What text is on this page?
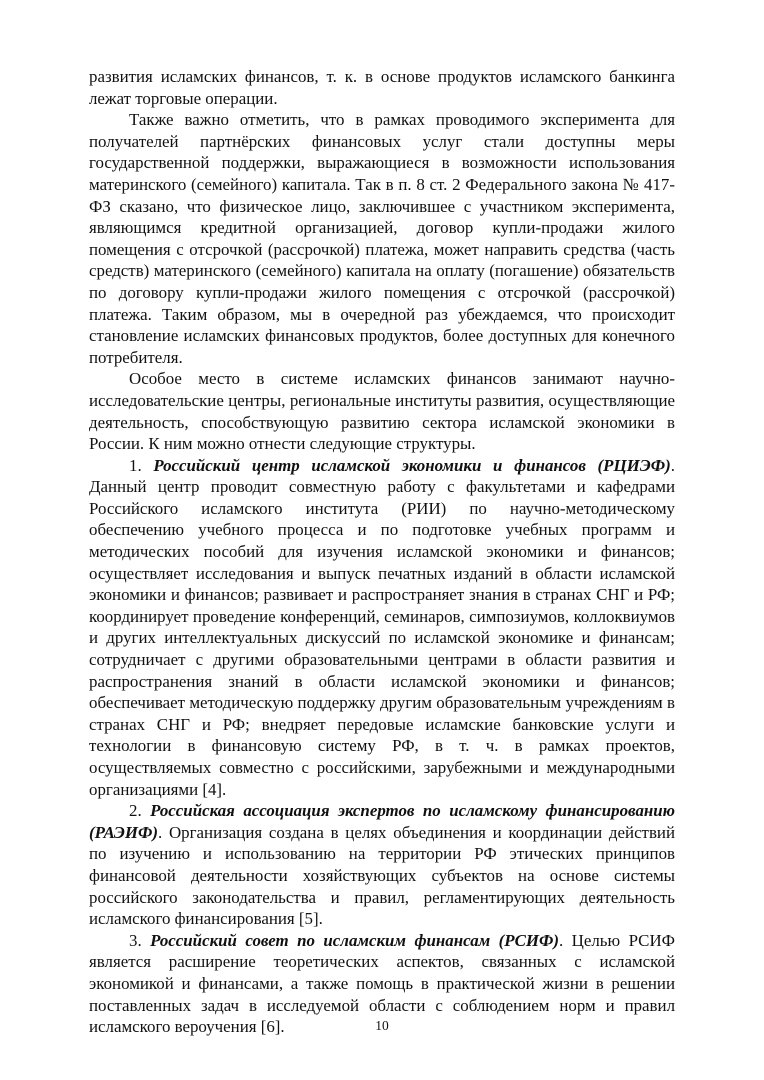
развития исламских финансов, т. к. в основе продуктов исламского банкинга лежат торговые операции.

Также важно отметить, что в рамках проводимого эксперимента для получателей партнёрских финансовых услуг стали доступны меры государственной поддержки, выражающиеся в возможности использования материнского (семейного) капитала. Так в п. 8 ст. 2 Федерального закона № 417-ФЗ сказано, что физическое лицо, заключившее с участником эксперимента, являющимся кредитной организацией, договор купли-продажи жилого помещения с отсрочкой (рассрочкой) платежа, может направить средства (часть средств) материнского (семейного) капитала на оплату (погашение) обязательств по договору купли-продажи жилого помещения с отсрочкой (рассрочкой) платежа. Таким образом, мы в очередной раз убеждаемся, что происходит становление исламских финансовых продуктов, более доступных для конечного потребителя.

Особое место в системе исламских финансов занимают научно-исследовательские центры, региональные институты развития, осуществляющие деятельность, способствующую развитию сектора исламской экономики в России. К ним можно отнести следующие структуры.

1. Российский центр исламской экономики и финансов (РЦИЭФ). Данный центр проводит совместную работу с факультетами и кафедрами Российского исламского института (РИИ) по научно-методическому обеспечению учебного процесса и по подготовке учебных программ и методических пособий для изучения исламской экономики и финансов; осуществляет исследования и выпуск печатных изданий в области исламской экономики и финансов; развивает и распространяет знания в странах СНГ и РФ; координирует проведение конференций, семинаров, симпозиумов, коллоквиумов и других интеллектуальных дискуссий по исламской экономике и финансам; сотрудничает с другими образовательными центрами в области развития и распространения знаний в области исламской экономики и финансов; обеспечивает методическую поддержку другим образовательным учреждениям в странах СНГ и РФ; внедряет передовые исламские банковские услуги и технологии в финансовую систему РФ, в т. ч. в рамках проектов, осуществляемых совместно с российскими, зарубежными и международными организациями [4].

2. Российская ассоциация экспертов по исламскому финансированию (РАЭИФ). Организация создана в целях объединения и координации действий по изучению и использованию на территории РФ этических принципов финансовой деятельности хозяйствующих субъектов на основе системы российского законодательства и правил, регламентирующих деятельность исламского финансирования [5].

3. Российский совет по исламским финансам (РСИФ). Целью РСИФ является расширение теоретических аспектов, связанных с исламской экономикой и финансами, а также помощь в практической жизни в решении поставленных задач в исследуемой области с соблюдением норм и правил исламского вероучения [6].	10
